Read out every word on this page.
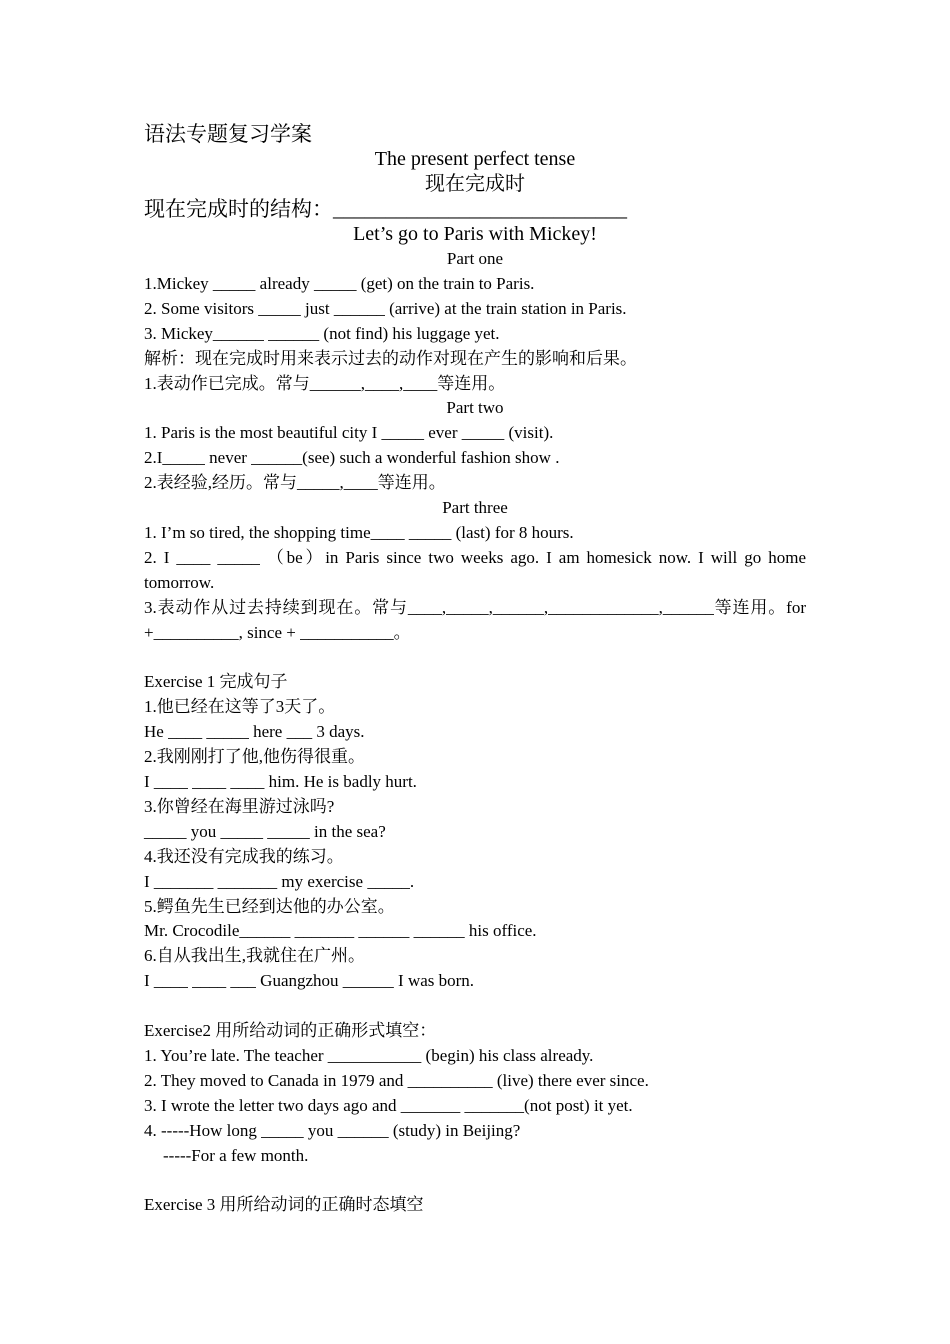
语法专题复习学案
The present perfect tense
现在完成时
现在完成时的结构：____________________________
Let’s go to Paris with Mickey!
Part one
1.Mickey _____ already _____ (get) on the train to Paris.
2. Some visitors _____ just ______ (arrive) at the train station in Paris.
3. Mickey______ ______ (not find) his luggage yet.
解析：现在完成时用来表示过去的动作对现在产生的影响和后果。
1.表动作已完成。常与______,____,____等连用。
Part two
1. Paris is the most beautiful city I _____ ever _____ (visit).
2.I_____ never ______(see) such a wonderful fashion show .
2.表经验,经历。常与_____,____等连用。
Part three
1. I’m so tired, the shopping time____ _____ (last) for 8 hours.
2. I ____ _____ （be）in Paris since two weeks ago. I am homesick now. I will go home tomorrow.
3.表动作从过去持续到现在。常与____,_____,______,_____________,______等连用。for +__________, since + ___________。
Exercise 1 完成句子
1.他已经在这等了3天了。
He ____ _____ here ___ 3 days.
2.我刚刚打了他,他伤得很重。
I ____ ____ ____ him. He is badly hurt.
3.你曾经在海里游过泳吗?
_____ you _____ _____ in the sea?
4.我还没有完成我的练习。
I _______ _______ my exercise _____.
5.鳄鱼先生已经到达他的办公室。
Mr. Crocodile______ _______ ______ ______ his office.
6.自从我出生,我就住在广州。
I ____ ____ ___ Guangzhou ______ I was born.
Exercise2 用所给动词的正确形式填空：
1. You’re late. The teacher ___________ (begin) his class already.
2. They moved to Canada in 1979 and __________ (live) there ever since.
3. I wrote the letter two days ago and _______ _______(not post) it yet.
4. -----How long _____ you ______ (study) in Beijing?
-----For a few month.
Exercise 3 用所给动词的正确时态填空
